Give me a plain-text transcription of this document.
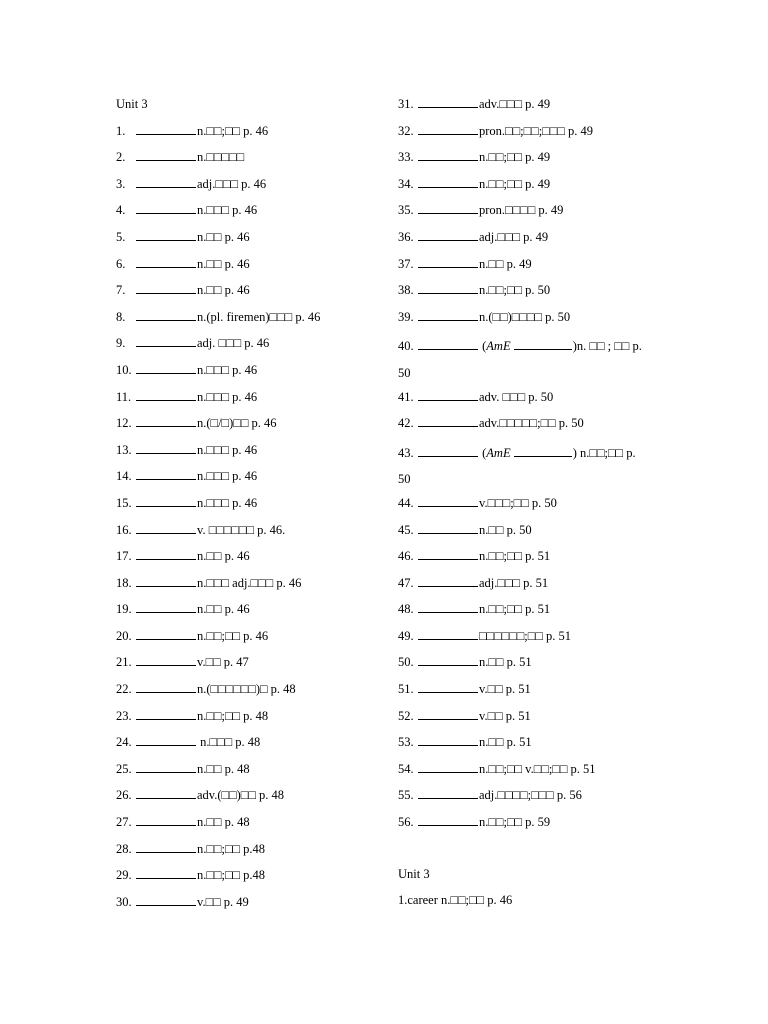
Unit 3
1.	n.□□;□□ p. 46
2.	n.□□□□□
3.	adj.□□□ p. 46
4.	n.□□□ p. 46
5.	n.□□ p. 46
6.	n.□□ p. 46
7.	n.□□ p. 46
8.	n.(pl. firemen)□□□ p. 46
9.	adj. □□□ p. 46
10.	n.□□□ p. 46
11.	n.□□□ p. 46
12.	n.(□/□)□□ p. 46
13.	n.□□□ p. 46
14.	n.□□□ p. 46
15.	n.□□□ p. 46
16.	v. □□□□□□ p. 46.
17.	n.□□ p. 46
18.	n.□□□ adj.□□□ p. 46
19.	n.□□ p. 46
20.	n.□□;□□ p. 46
21.	v.□□ p. 47
22.	n.(□□□□□□)□ p. 48
23.	n.□□;□□ p. 48
24.	n.□□□ p. 48
25.	n.□□ p. 48
26.	adv.(□□)□□ p. 48
27.	n.□□ p. 48
28.	n.□□;□□ p.48
29.	n.□□;□□ p.48
30.	v.□□ p. 49
31.	adv.□□□ p. 49
32.	pron.□□;□□;□□□ p. 49
33.	n.□□;□□ p. 49
34.	n.□□;□□ p. 49
35.	pron.□□□□ p. 49
36.	adj.□□□ p. 49
37.	n.□□ p. 49
38.	n.□□;□□ p. 50
39.	n.(□□)□□□□ p. 50
40.	(AmE	)n. □□ ; □□ p.
50
41.	adv. □□□ p. 50
42.	adv.□□□□□;□□ p. 50
43.	(AmE	) n.□□;□□ p.
50
44.	v.□□□;□□ p. 50
45.	n.□□ p. 50
46.	n.□□;□□ p. 51
47.	adj.□□□ p. 51
48.	n.□□;□□ p. 51
49.	□□□□□□;□□ p. 51
50.	n.□□ p. 51
51.	v.□□ p. 51
52.	v.□□ p. 51
53.	n.□□ p. 51
54.	n.□□;□□ v.□□;□□ p. 51
55.	adj.□□□□;□□□ p. 56
56.	n.□□;□□ p. 59
Unit 3
1.career n.□□;□□ p. 46
